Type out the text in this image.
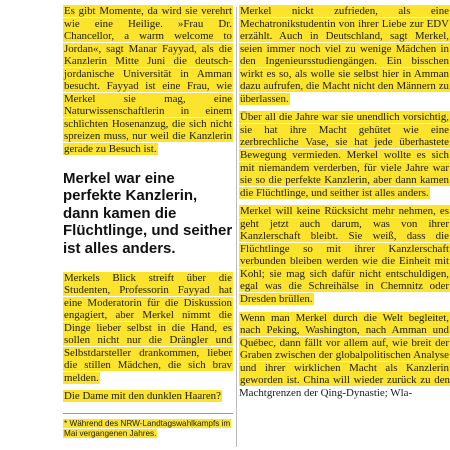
Es gibt Momente, da wird sie verehrt wie eine Heilige. »Frau Dr. Chancellor, a warm welcome to Jordan«, sagt Manar Fayyad, als die Kanzlerin Mitte Juni die deutsch-jordanische Universität in Amman besucht. Fayyad ist eine Frau, wie Merkel sie mag, eine Naturwissenschaftlerin in einem schlichten Hosenanzug, die sich nicht spreizen muss, nur weil die Kanzlerin gerade zu Besuch ist.

Merkel war eine perfekte Kanzlerin, dann kamen die Flüchtlinge, und seither ist alles anders.

Merkels Blick streift über die Studenten, Professorin Fayyad hat eine Moderatorin für die Diskussion engagiert, aber Merkel nimmt die Dinge lieber selbst in die Hand, es sollen nicht nur die Drängler und Selbstdarsteller drankommen, lieber die stillen Mädchen, die sich brav melden.

Die Dame mit den dunklen Haaren?

* Während des NRW-Landtagswahlkampfs im Mai vergangenen Jahres.

Merkel nickt zufrieden, als eine Mechatronikstudentin von ihrer Liebe zur EDV erzählt. Auch in Deutschland, sagt Merkel, seien immer noch viel zu wenige Mädchen in den Ingenieursstudiengängen. Ein bisschen wirkt es so, als wolle sie selbst hier in Amman dazu aufrufen, die Macht nicht den Männern zu überlassen.

Über all die Jahre war sie unendlich vorsichtig, sie hat ihre Macht gehütet wie eine zerbrechliche Vase, sie hat jede überhastete Bewegung vermieden. Merkel wollte es sich mit niemandem verderben, für viele Jahre war sie so die perfekte Kanzlerin, aber dann kamen die Flüchtlinge, und seither ist alles anders.

Merkel will keine Rücksicht mehr nehmen, es geht jetzt auch darum, was von ihrer Kanzlerschaft bleibt. Sie weiß, dass die Flüchtlinge so mit ihrer Kanzlerschaft verbunden bleiben werden wie die Einheit mit Kohl; sie mag sich dafür nicht entschuldigen, egal was die Schreihälse in Chemnitz oder Dresden brüllen.

Wenn man Merkel durch die Welt begleitet, nach Peking, Washington, nach Amman und Québec, dann fällt vor allem auf, wie breit der Graben zwischen der globalpolitischen Analyse und ihrer wirklichen Macht als Kanzlerin geworden ist. China will wieder zurück zu den Machtgrenzen der Qing-Dynastie; Wla-
